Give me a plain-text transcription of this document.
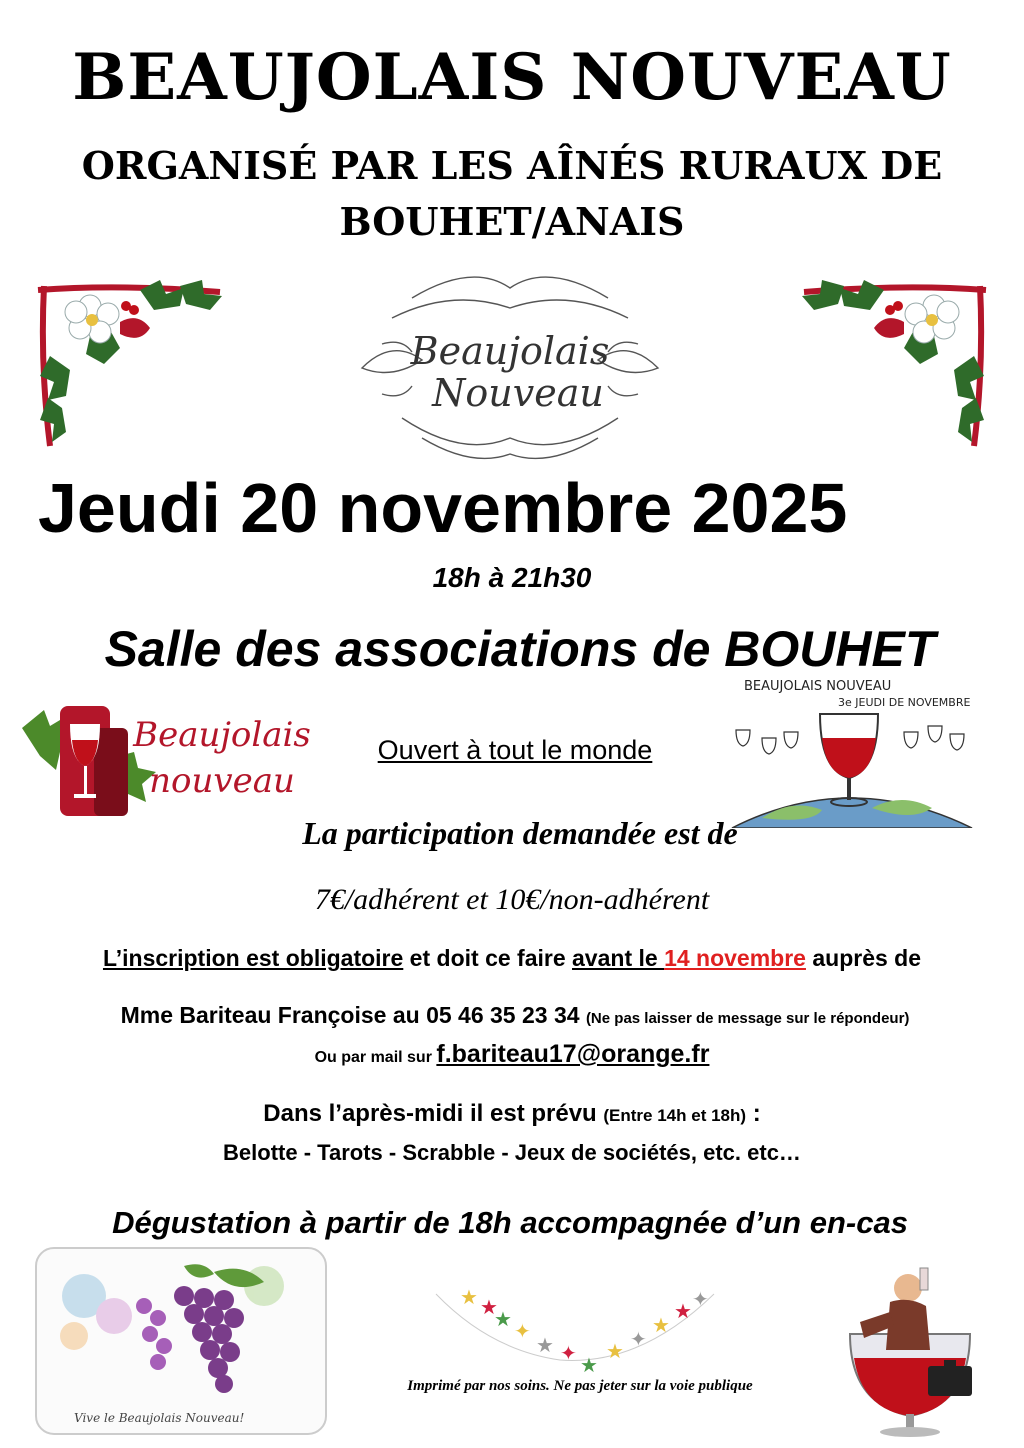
BEAUJOLAIS NOUVEAU
ORGANISÉ PAR LES AÎNÉS RURAUX DE BOUHET/ANAIS
Beaujolais
Nouveau
Jeudi 20 novembre 2025
18h à 21h30
Salle des associations de BOUHET
Beaujolais
nouveau
BEAUJOLAIS NOUVEAU
3e JEUDI DE NOVEMBRE
Ouvert à tout le monde
La participation demandée est de
7€/adhérent et 10€/non-adhérent
L’inscription est obligatoire et doit ce faire avant le 14 novembre auprès de
Mme Bariteau Françoise au 05 46 35 23 34 (Ne pas laisser de message sur le répondeur)
Ou par mail sur f.bariteau17@orange.fr
Dans l’après-midi il est prévu (Entre 14h et 18h) :
Belotte - Tarots - Scrabble - Jeux de sociétés, etc. etc…
Dégustation à partir de 18h accompagnée d’un en-cas
Vive le Beaujolais Nouveau!
★ ★
★ ✦
★ ✦ ★
★ ✦
★
★ ✦
Imprimé par nos soins. Ne pas jeter sur la voie publique
